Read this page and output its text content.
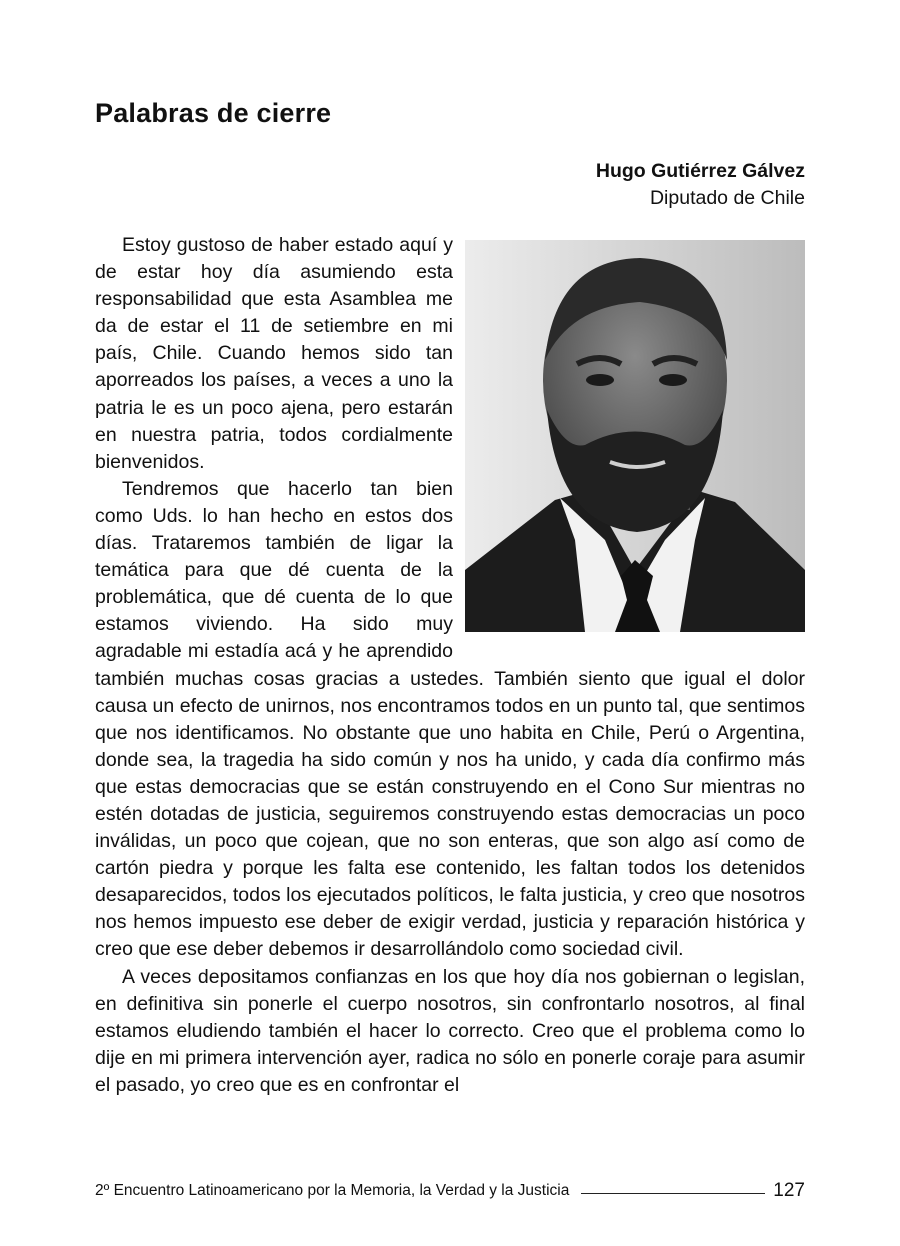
Palabras de cierre
Hugo Gutiérrez Gálvez
Diputado de Chile

Estoy gustoso de haber estado aquí y de estar hoy día asumiendo esta responsabilidad que esta Asamblea me da de estar el 11 de setiembre en mi país, Chile. Cuando hemos sido tan aporreados los países, a veces a uno la patria le es un poco ajena, pero estarán en nuestra patria, todos cordialmente bienvenidos.

Tendremos que hacerlo tan bien como Uds. lo han hecho en estos dos días. Trataremos también de ligar la temática para que dé cuenta de la problemática, que dé cuenta de lo que estamos viviendo. Ha sido muy agradable mi estadía acá y he aprendido también muchas cosas gracias a ustedes. También siento que igual el dolor causa un efecto de unirnos, nos encontramos todos en un punto tal, que sentimos que nos identificamos. No obstante que uno habita en Chile, Perú o Argentina, donde sea, la tragedia ha sido común y nos ha unido, y cada día confirmo más que estas democracias que se están construyendo en el Cono Sur mientras no estén dotadas de justicia, seguiremos construyendo estas democracias un poco inválidas, un poco que cojean, que no son enteras, que son algo así como de cartón piedra y porque les falta ese contenido, les faltan todos los detenidos desaparecidos, todos los ejecutados políticos, le falta justicia, y creo que nosotros nos hemos impuesto ese deber de exigir verdad, justicia y reparación histórica y creo que ese deber debemos ir desarrollándolo como sociedad civil.

A veces depositamos confianzas en los que hoy día nos gobiernan o legislan, en definitiva sin ponerle el cuerpo nosotros, sin confrontarlo nosotros, al final estamos eludiendo también el hacer lo correcto. Creo que el problema como lo dije en mi primera intervención ayer, radica no sólo en ponerle coraje para asumir el pasado, yo creo que es en confrontar el

2º Encuentro Latinoamericano por la Memoria, la Verdad y la Justicia	127
